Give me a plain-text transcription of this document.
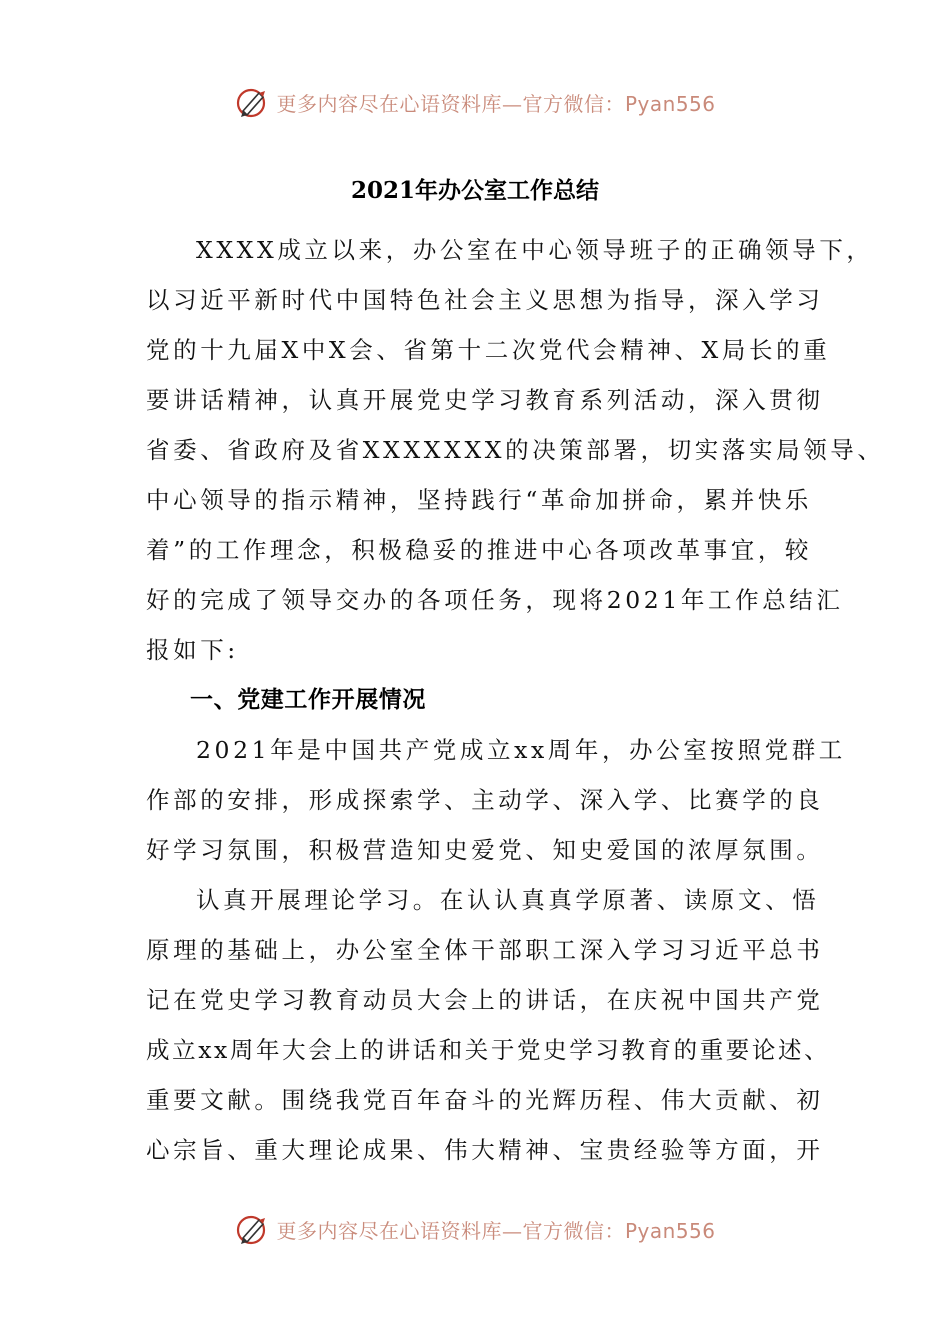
更多内容尽在心语资料库—官方微信：Pyan556
2021年办公室工作总结
XXXX成立以来，办公室在中心领导班子的正确领导下，
以习近平新时代中国特色社会主义思想为指导，深入学习
党的十九届X中X会、省第十二次党代会精神、X局长的重
要讲话精神，认真开展党史学习教育系列活动，深入贯彻
省委、省政府及省XXXXXXX的决策部署，切实落实局领导、
中心领导的指示精神，坚持践行“革命加拼命，累并快乐
着”的工作理念，积极稳妥的推进中心各项改革事宜，较
好的完成了领导交办的各项任务，现将2021年工作总结汇
报如下:
一、党建工作开展情况
2021年是中国共产党成立xx周年，办公室按照党群工
作部的安排，形成探索学、主动学、深入学、比赛学的良
好学习氛围，积极营造知史爱党、知史爱国的浓厚氛围。
认真开展理论学习。在认认真真学原著、读原文、悟
原理的基础上，办公室全体干部职工深入学习习近平总书
记在党史学习教育动员大会上的讲话，在庆祝中国共产党
成立xx周年大会上的讲话和关于党史学习教育的重要论述、
重要文献。围绕我党百年奋斗的光辉历程、伟大贡献、初
心宗旨、重大理论成果、伟大精神、宝贵经验等方面，开
更多内容尽在心语资料库—官方微信：Pyan556
